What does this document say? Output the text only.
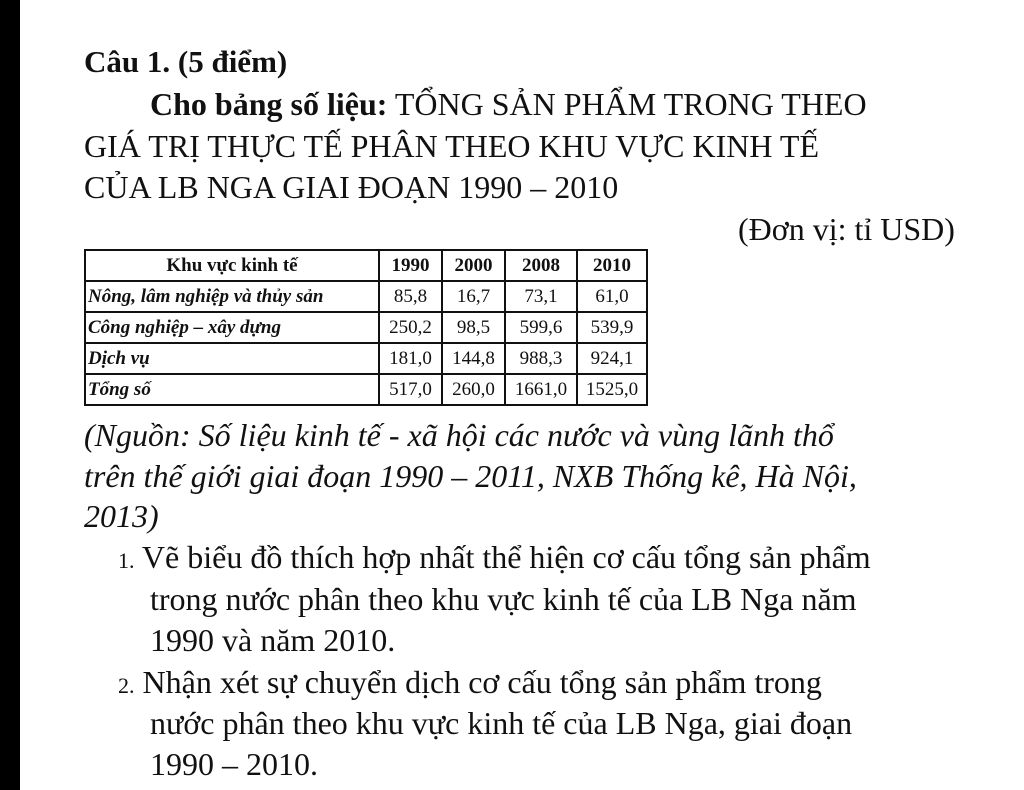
Câu 1. (5 điểm)
Cho bảng số liệu: TỔNG SẢN PHẨM TRONG THEO
GIÁ TRỊ THỰC TẾ PHÂN THEO KHU VỰC KINH TẾ
CỦA LB NGA GIAI ĐOẠN 1990 – 2010
(Đơn vị: tỉ USD)
Khu vực kinh tế	1990	2000	2008	2010
Nông, lâm nghiệp và thủy sản	85,8	16,7	73,1	61,0
Công nghiệp – xây dựng	250,2	98,5	599,6	539,9
Dịch vụ	181,0	144,8	988,3	924,1
Tổng số	517,0	260,0	1661,0	1525,0
(Nguồn: Số liệu kinh tế - xã hội các nước và vùng lãnh thổ
trên thế giới giai đoạn 1990 – 2011, NXB Thống kê, Hà Nội,
2013)
1. Vẽ biểu đồ thích hợp nhất thể hiện cơ cấu tổng sản phẩm
trong nước phân theo khu vực kinh tế của LB Nga năm
1990 và năm 2010.
2. Nhận xét sự chuyển dịch cơ cấu tổng sản phẩm trong
nước phân theo khu vực kinh tế của LB Nga, giai đoạn
1990 – 2010.
